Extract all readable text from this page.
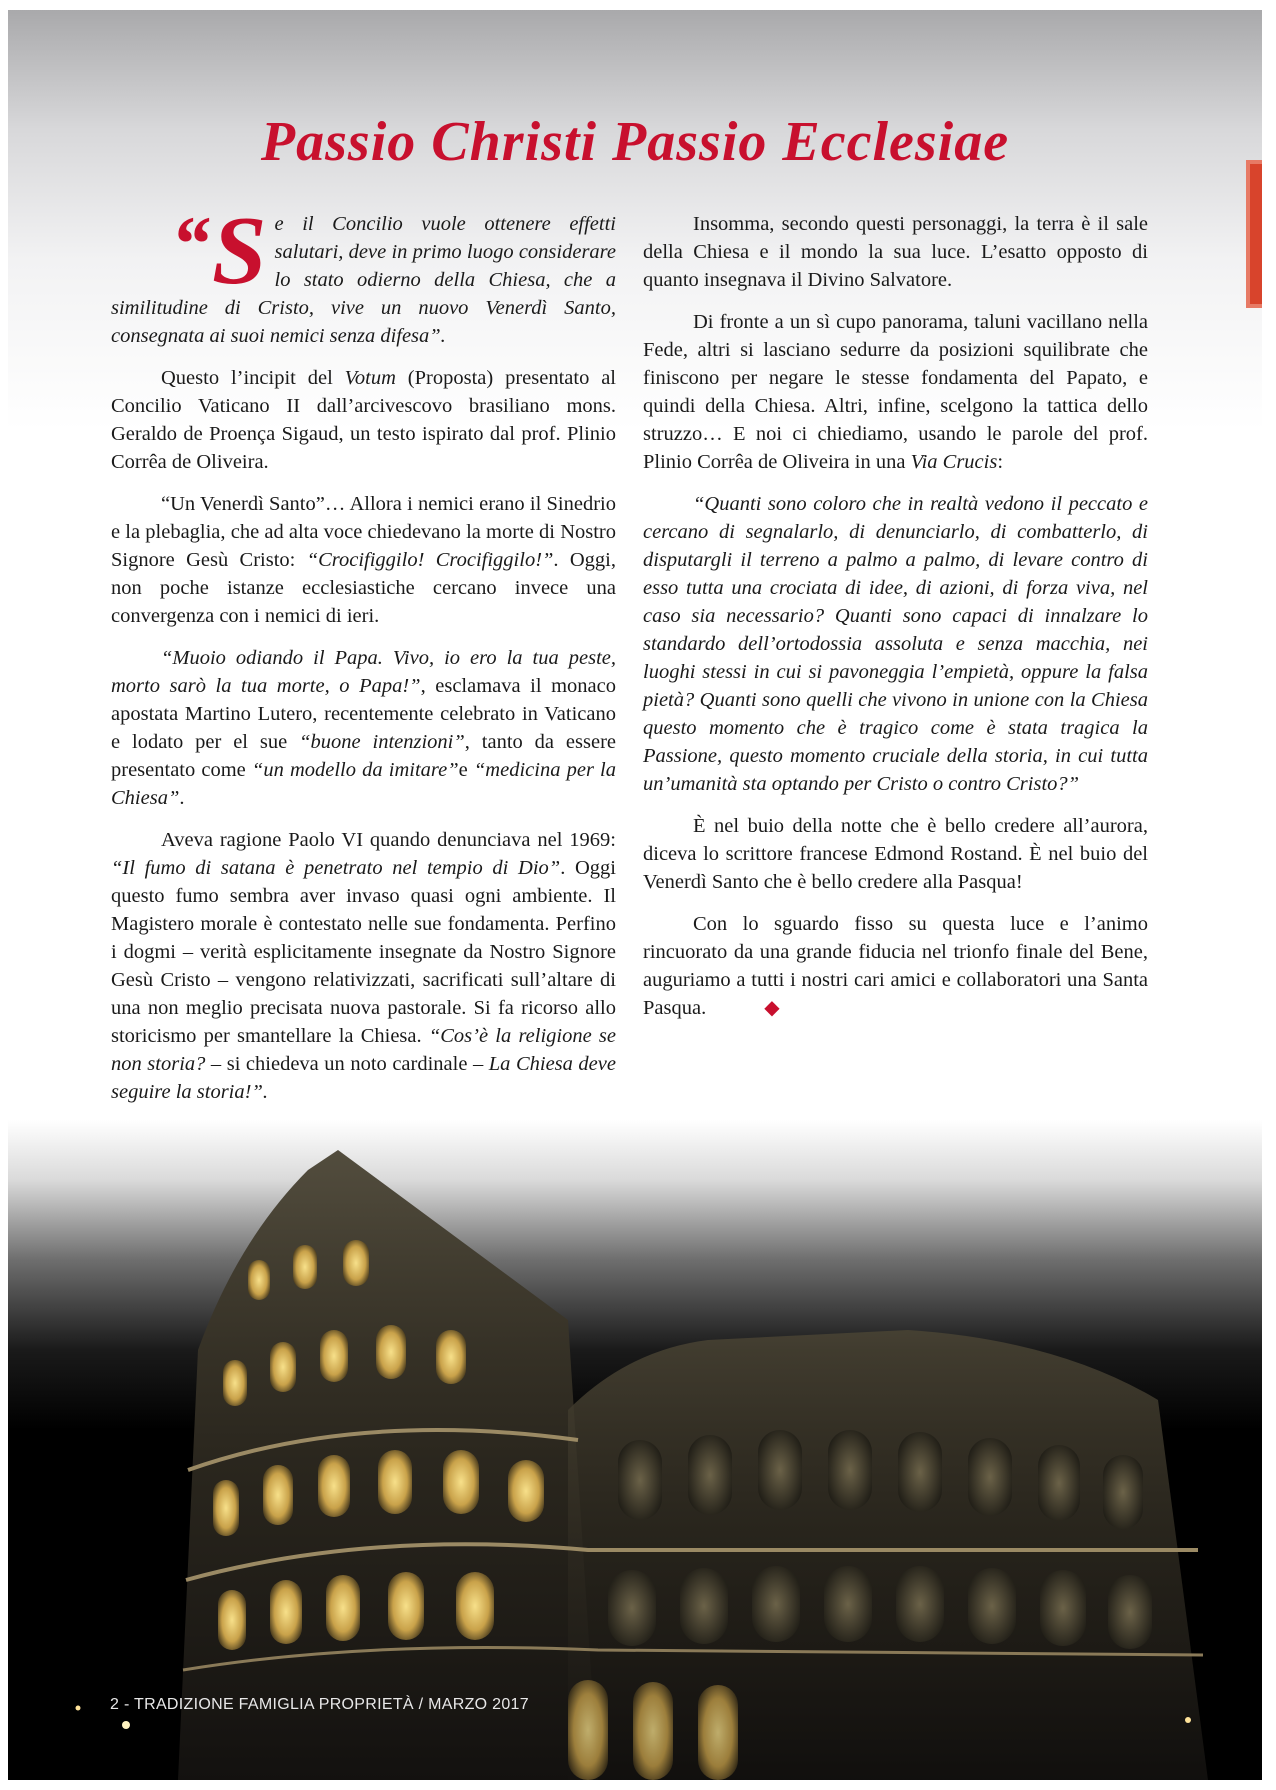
Passio Christi Passio Ecclesiae

“ S e il Concilio vuole ottenere effetti salutari, deve in primo luogo considerare lo stato odierno della Chiesa, che a similitudine di Cristo, vive un nuovo Venerdì Santo, consegnata ai suoi nemici senza difesa”.

Questo l’incipit del Votum (Proposta) presentato al Concilio Vaticano II dall’arcivescovo brasiliano mons. Geraldo de Proença Sigaud, un testo ispirato dal prof. Plinio Corrêa de Oliveira.

“Un Venerdì Santo”… Allora i nemici erano il Sinedrio e la plebaglia, che ad alta voce chiedevano la morte di Nostro Signore Gesù Cristo: “Crocifiggilo! Crocifiggilo!”. Oggi, non poche istanze ecclesiastiche cercano invece una convergenza con i nemici di ieri.

“Muoio odiando il Papa. Vivo, io ero la tua peste, morto sarò la tua morte, o Papa!”, esclamava il monaco apostata Martino Lutero, recentemente celebrato in Vaticano e lodato per el sue “buone intenzioni”, tanto da essere presentato come “un modello da imitare”e “medicina per la Chiesa”.

Aveva ragione Paolo VI quando denunciava nel 1969: “Il fumo di satana è penetrato nel tempio di Dio”. Oggi questo fumo sembra aver invaso quasi ogni ambiente. Il Magistero morale è contestato nelle sue fondamenta. Perfino i dogmi – verità esplicitamente insegnate da Nostro Signore Gesù Cristo – vengono relativizzati, sacrificati sull’altare di una non meglio precisata nuova pastorale. Si fa ricorso allo storicismo per smantellare la Chiesa. “Cos’è la religione se non storia? – si chiedeva un noto cardinale – La Chiesa deve seguire la storia!”.

Insomma, secondo questi personaggi, la terra è il sale della Chiesa e il mondo la sua luce. L’esatto opposto di quanto insegnava il Divino Salvatore.

Di fronte a un sì cupo panorama, taluni vacillano nella Fede, altri si lasciano sedurre da posizioni squilibrate che finiscono per negare le stesse fondamenta del Papato, e quindi della Chiesa. Altri, infine, scelgono la tattica dello struzzo… E noi ci chiediamo, usando le parole del prof. Plinio Corrêa de Oliveira in una Via Crucis:

“Quanti sono coloro che in realtà vedono il peccato e cercano di segnalarlo, di denunciarlo, di combatterlo, di disputargli il terreno a palmo a palmo, di levare contro di esso tutta una crociata di idee, di azioni, di forza viva, nel caso sia necessario? Quanti sono capaci di innalzare lo standardo dell’ortodossia assoluta e senza macchia, nei luoghi stessi in cui si pavoneggia l’empietà, oppure la falsa pietà? Quanti sono quelli che vivono in unione con la Chiesa questo momento che è tragico come è stata tragica la Passione, questo momento cruciale della storia, in cui tutta un’umanità sta optando per Cristo o contro Cristo?”

È nel buio della notte che è bello credere all’aurora, diceva lo scrittore francese Edmond Rostand. È nel buio del Venerdì Santo che è bello credere alla Pasqua!

Con lo sguardo fisso su questa luce e l’animo rincuorato da una grande fiducia nel trionfo finale del Bene, auguriamo a tutti i nostri cari amici e collaboratori una Santa Pasqua.	◆

2 - TRADIZIONE FAMIGLIA PROPRIETÀ / MARZO 2017
